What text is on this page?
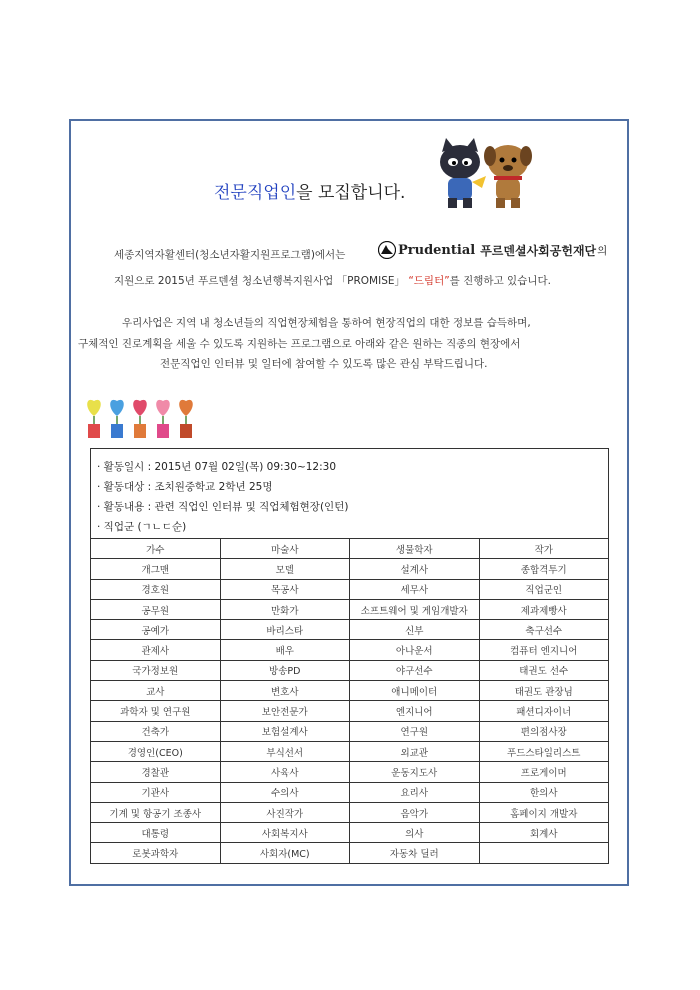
전문직업인을 모집합니다.
세종지역자활센터(청소년자활지원프로그램)에서는	Prudential 푸르덴셜사회공헌재단 의
지원으로 2015년 푸르덴셜 청소년행복지원사업 「PROMISE」 “드림터”를 진행하고 있습니다.
우리사업은 지역 내 청소년들의 직업현장체험을 통하여 현장직업의 대한 정보를 습득하며,
구체적인 진로계획을 세울 수 있도록 지원하는 프로그램으로 아래와 같은 원하는 직종의 현장에서
전문직업인 인터뷰 및 일터에 참여할 수 있도록 많은 관심 부탁드립니다.
· 활동일시 : 2015년 07월 02일(목) 09:30~12:30
· 활동대상 : 조치원중학교 2학년 25명
· 활동내용 : 관련 직업인 인터뷰 및 직업체험현장(인턴)
· 직업군 (ㄱㄴㄷ순)
가수	마술사	생물학자	작가
개그맨	모델	설계사	종합격투기
경호원	목공사	세무사	직업군인
공무원	만화가	소프트웨어 및 게임개발자	제과제빵사
공예가	바리스타	신부	축구선수
관제사	배우	아나운서	컴퓨터 엔지니어
국가정보원	방송PD	야구선수	태권도 선수
교사	변호사	애니메이터	태권도 관장님
과학자 및 연구원	보안전문가	엔지니어	패션디자이너
건축가	보험설계사	연구원	편의점사장
경영인(CEO)	부식선서	외교관	푸드스타일리스트
경찰관	사육사	운동지도사	프로게이머
기관사	수의사	요리사	한의사
기계 및 항공기 조종사	사진작가	음악가	홈페이지 개발자
대통령	사회복지사	의사	회계사
로봇과학자	사회자(MC)	자동차 딜러	
